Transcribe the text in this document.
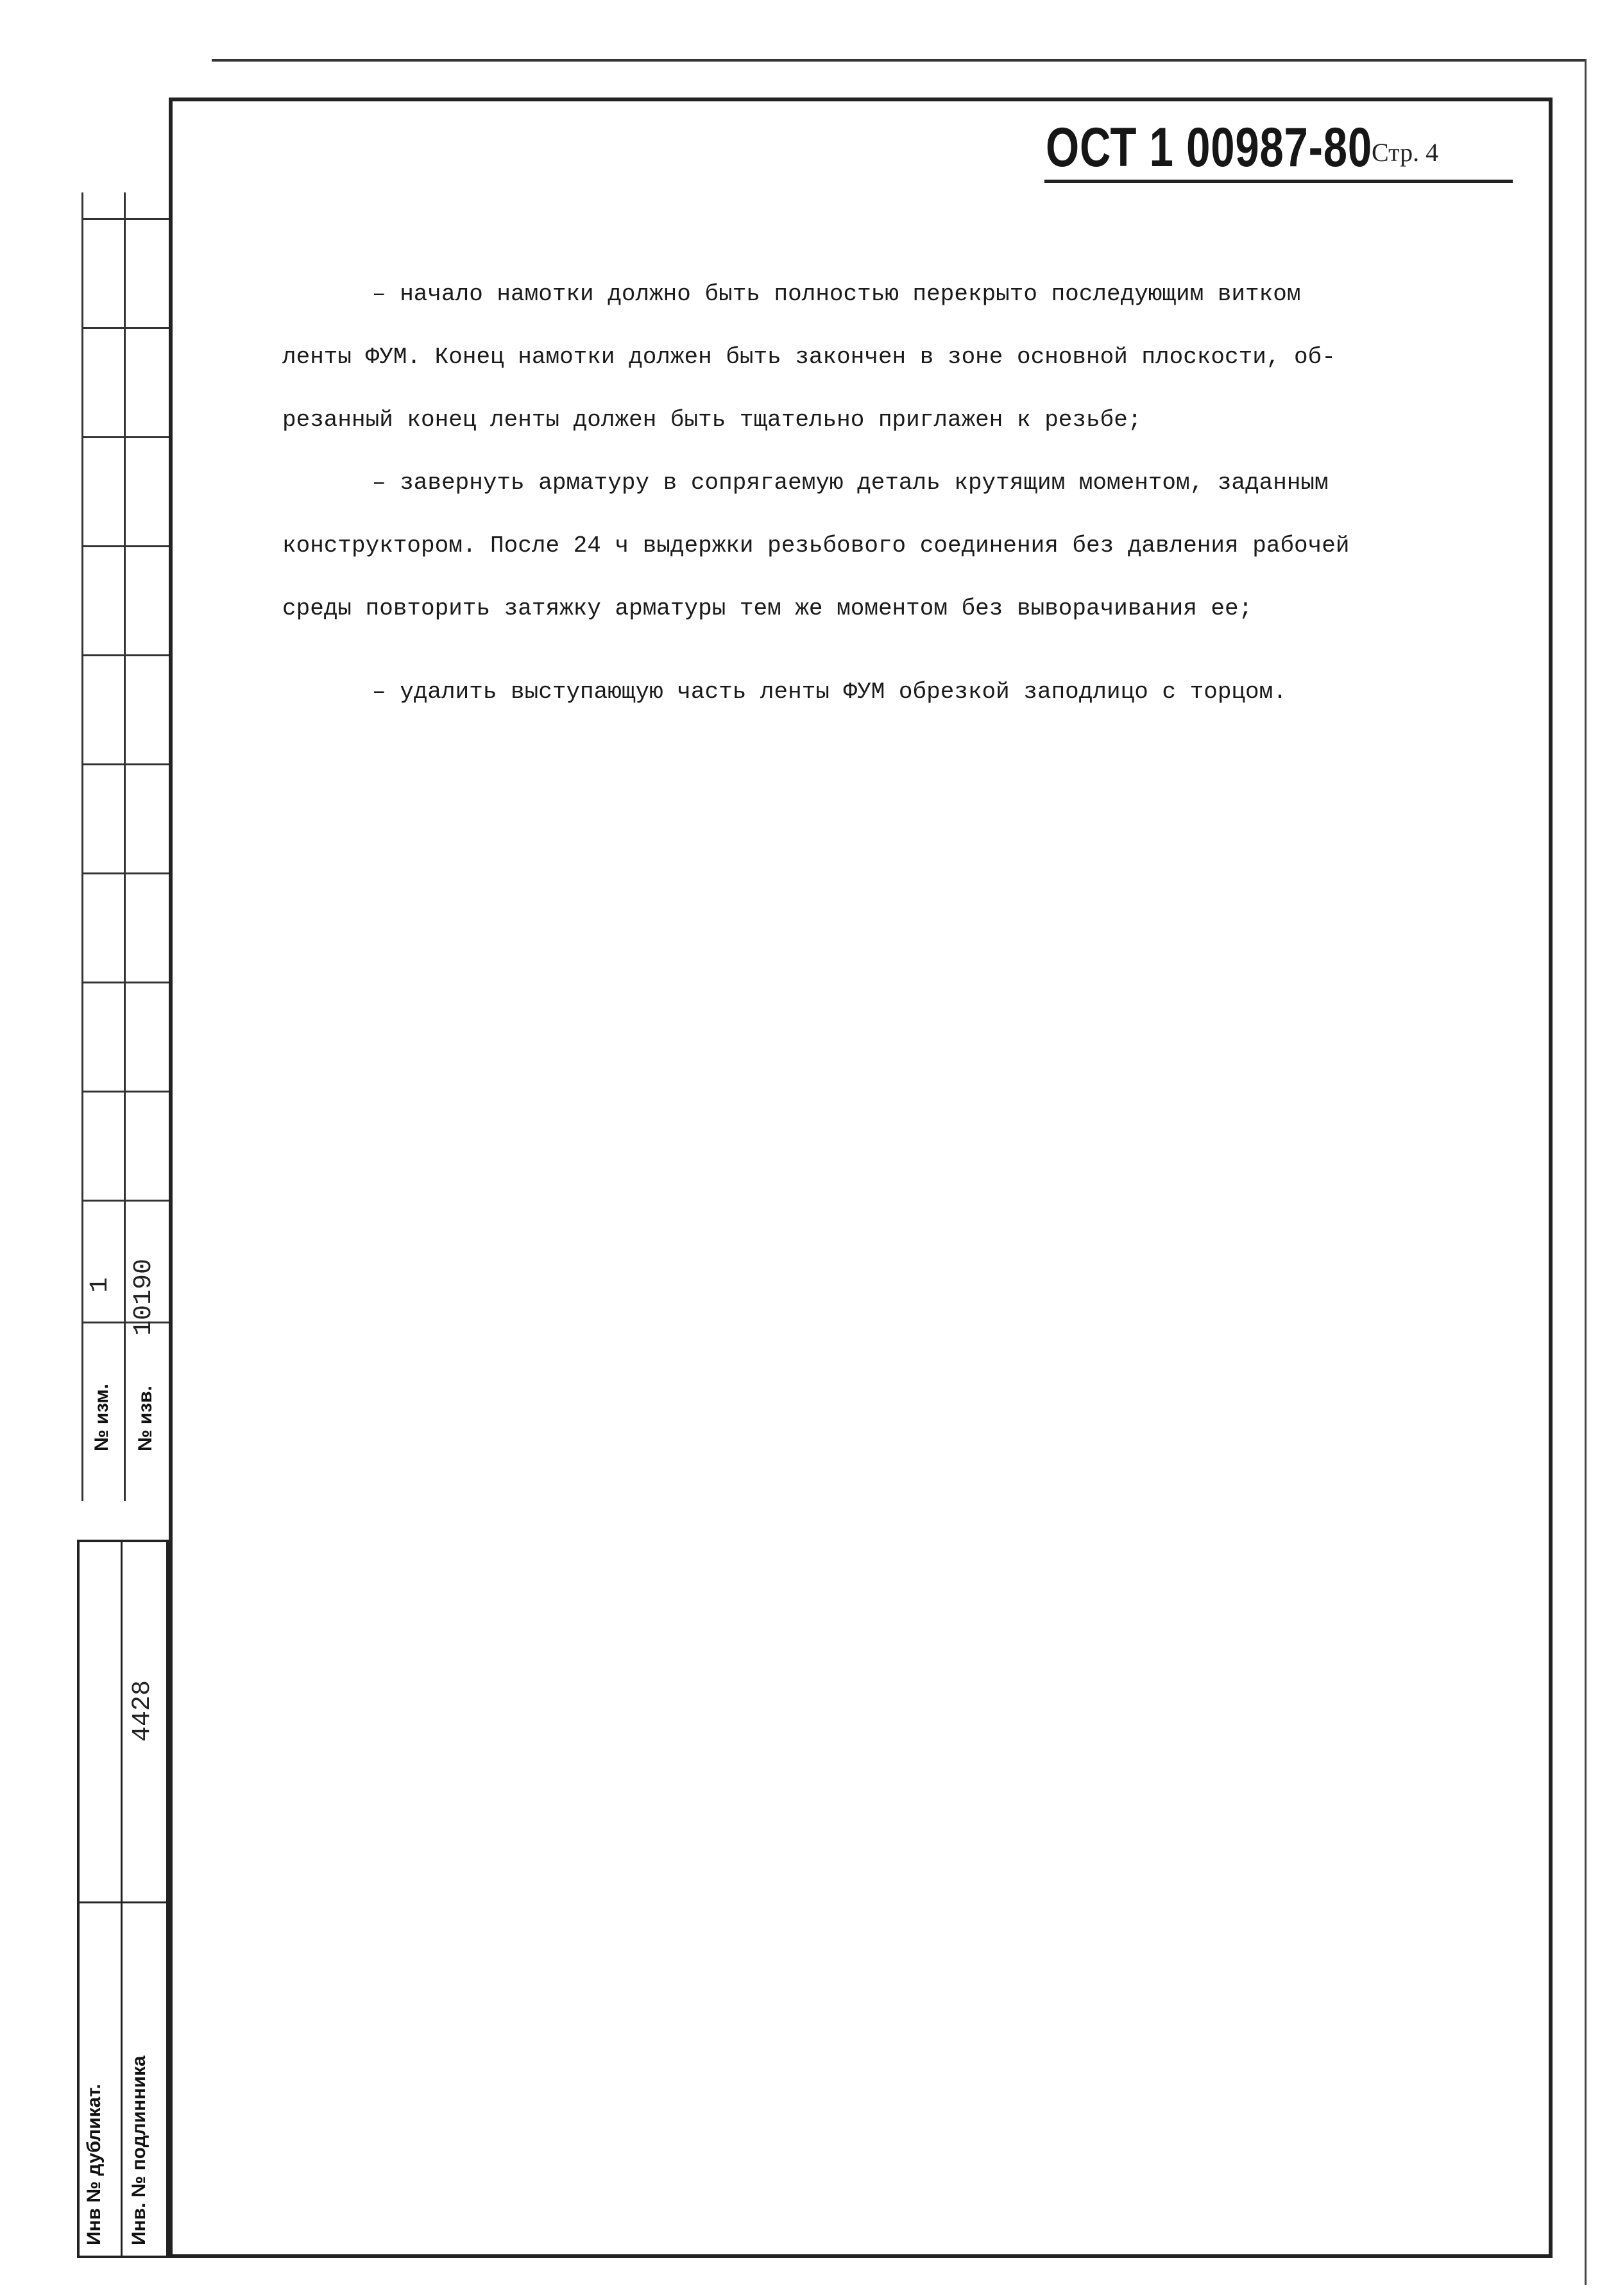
ОСТ 1 00987-80 Стр. 4
– начало намотки должно быть полностью перекрыто последующим витком
ленты ФУМ. Конец намотки должен быть закончен в зоне основной плоскости, об-
резанный конец ленты должен быть тщательно приглажен к резьбе;
– завернуть арматуру в сопрягаемую деталь крутящим моментом, заданным
конструктором. После 24 ч выдержки резьбового соединения без давления рабочей
среды повторить затяжку арматуры тем же моментом без выворачивания ее;
– удалить выступающую часть ленты ФУМ обрезкой заподлицо с торцом.
№ изм.
1
№ изв.
10190
Инв № дубликат. Инв. № подлинника
4428
